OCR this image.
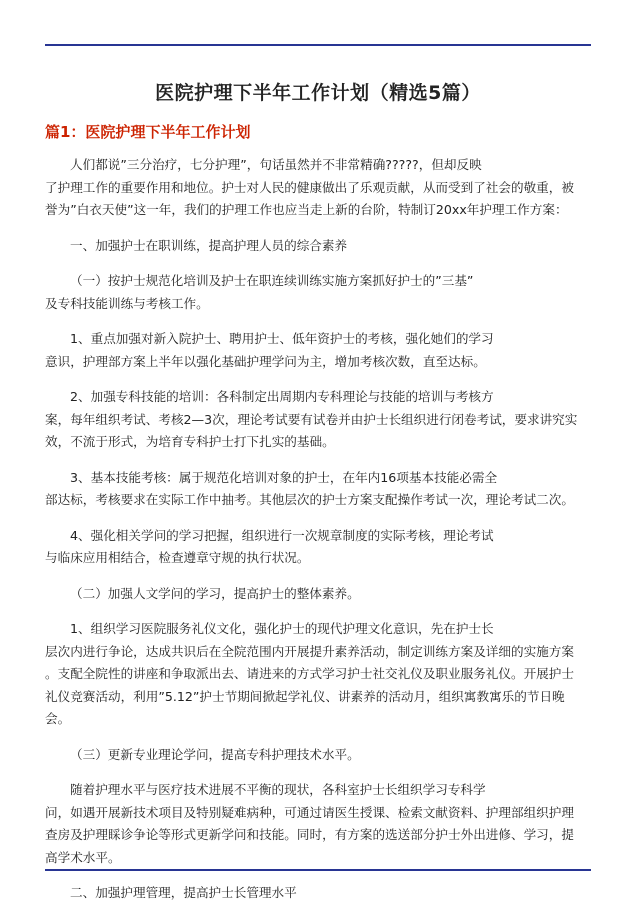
医院护理下半年工作计划（精选5篇）
篇1：医院护理下半年工作计划
人们都说”三分治疗，七分护理”，句话虽然并不非常精确?????，但却反映
了护理工作的重要作用和地位。护士对人民的健康做出了乐观贡献，从而受到了社会的敬重，被
誉为”白衣天使”这一年，我们的护理工作也应当走上新的台阶，特制订20xx年护理工作方案：
一、加强护士在职训练，提高护理人员的综合素养
（一）按护士规范化培训及护士在职连续训练实施方案抓好护士的”三基”
及专科技能训练与考核工作。
1、重点加强对新入院护士、聘用护士、低年资护士的考核，强化她们的学习
意识，护理部方案上半年以强化基础护理学问为主，增加考核次数，直至达标。
2、加强专科技能的培训：各科制定出周期内专科理论与技能的培训与考核方
案，每年组织考试、考核2—3次，理论考试要有试卷并由护士长组织进行闭卷考试，要求讲究实
效，不流于形式，为培育专科护士打下扎实的基础。
3、基本技能考核：属于规范化培训对象的护士，在年内16项基本技能必需全
部达标，考核要求在实际工作中抽考。其他层次的护士方案支配操作考试一次，理论考试二次。
4、强化相关学问的学习把握，组织进行一次规章制度的实际考核，理论考试
与临床应用相结合，检查遵章守规的执行状况。
（二）加强人文学问的学习，提高护士的整体素养。
1、组织学习医院服务礼仪文化，强化护士的现代护理文化意识，先在护士长
层次内进行争论，达成共识后在全院范围内开展提升素养活动，制定训练方案及详细的实施方案
。支配全院性的讲座和争取派出去、请进来的方式学习护士社交礼仪及职业服务礼仪。开展护士
礼仪竞赛活动，利用”5.12”护士节期间掀起学礼仪、讲素养的活动月，组织寓教寓乐的节日晚
会。
（三）更新专业理论学问，提高专科护理技术水平。
随着护理水平与医疗技术进展不平衡的现状，各科室护士长组织学习专科学
问，如遇开展新技术项目及特别疑难病种，可通过请医生授课、检索文献资料、护理部组织护理
查房及护理睬诊争论等形式更新学问和技能。同时，有方案的选送部分护士外出进修、学习，提
高学术水平。
二、加强护理管理，提高护士长管理水平
